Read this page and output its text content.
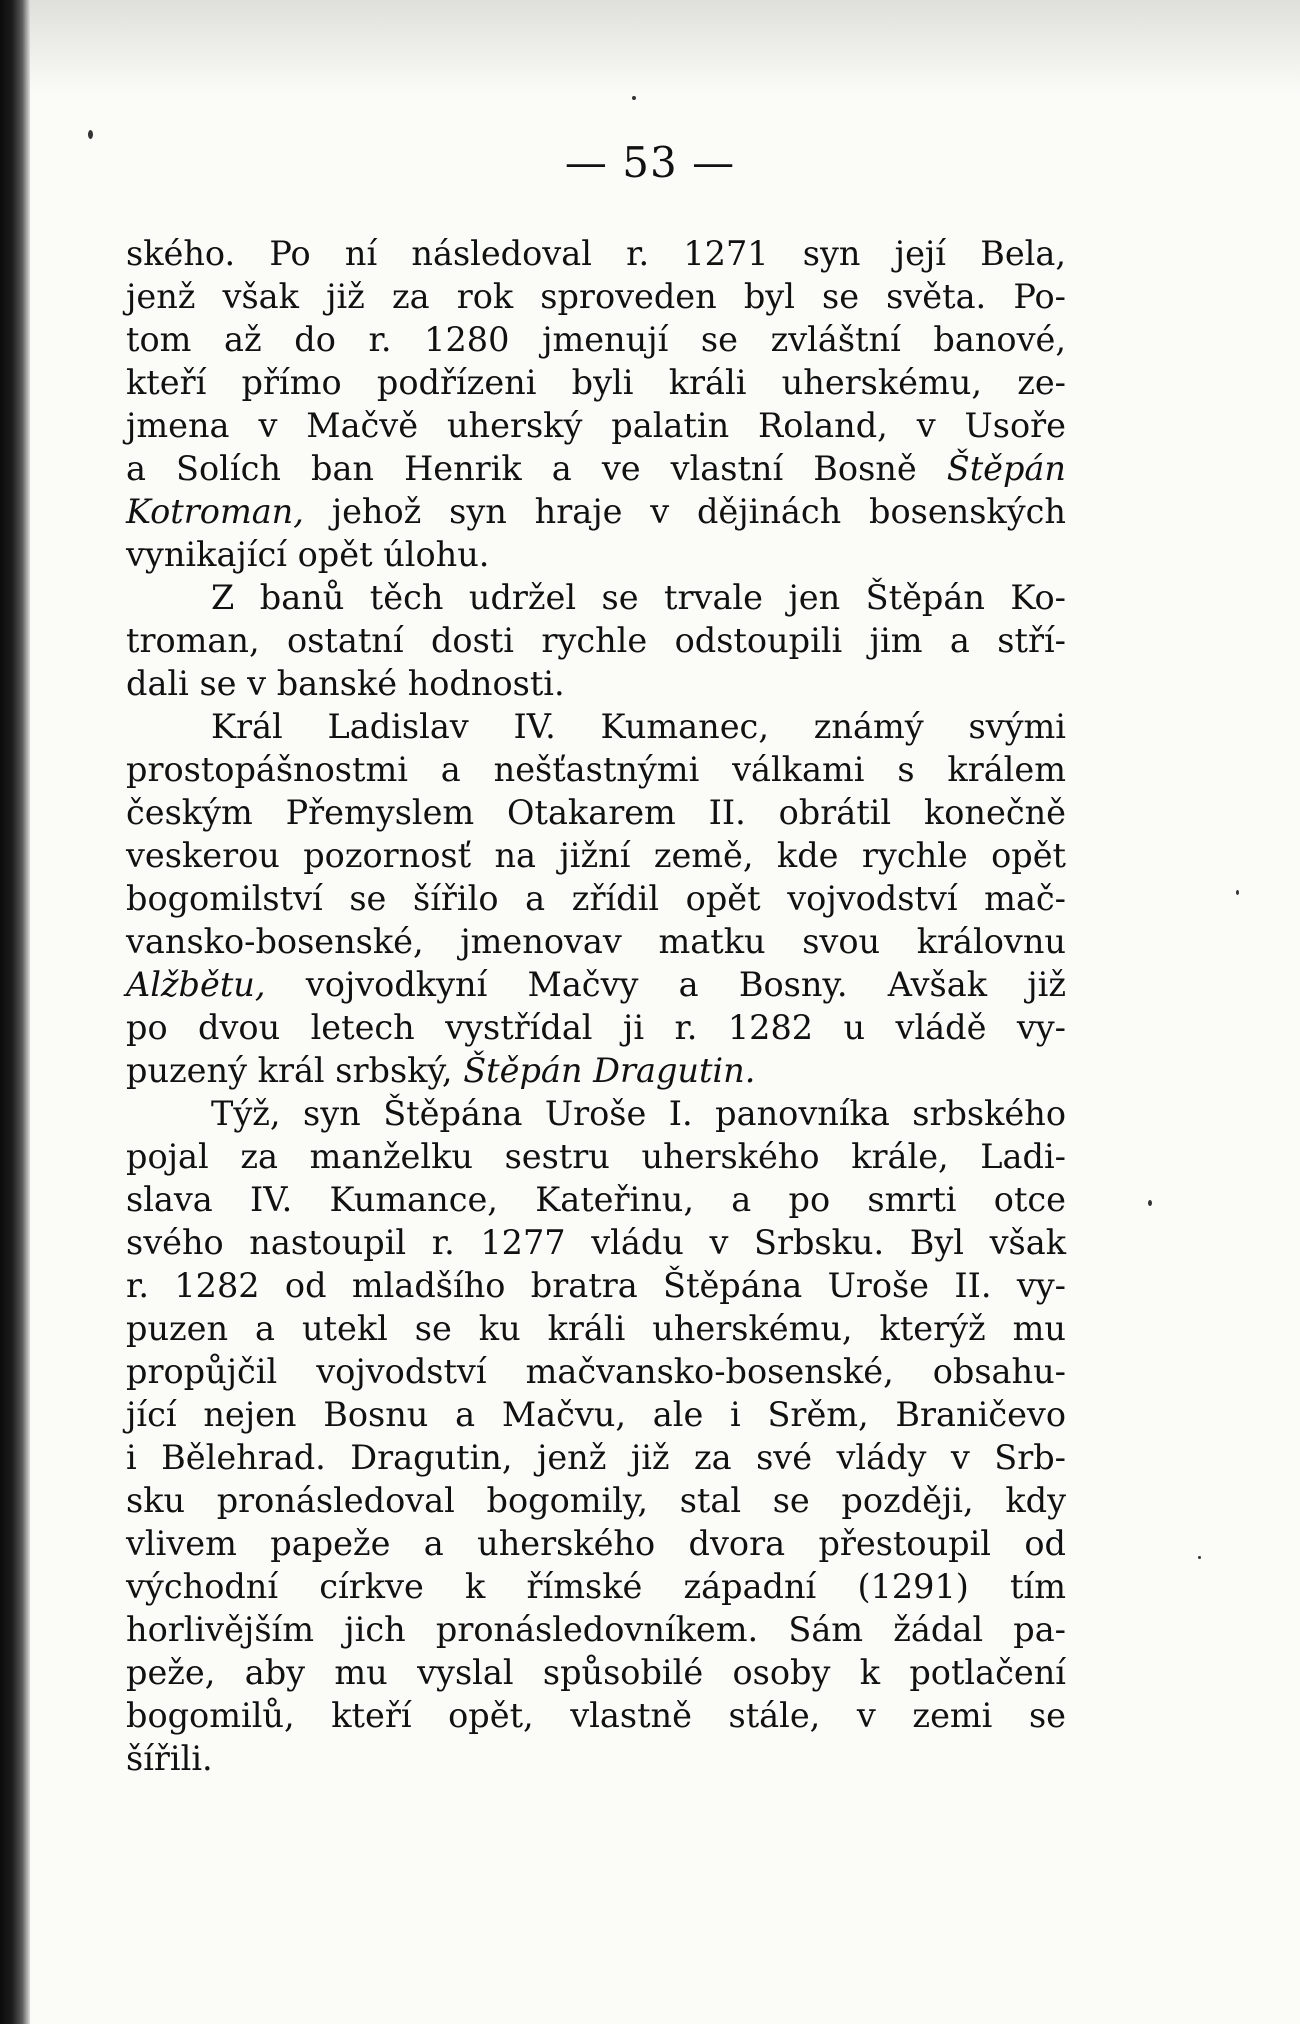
— 53 —
ského. Po ní následoval r. 1271 syn její Bela,
jenž však již za rok sproveden byl se světa. Po-
tom až do r. 1280 jmenují se zvláštní banové,
kteří přímo podřízeni byli králi uherskému, ze-
jmena v Mačvě uherský palatin Roland, v Usoře
a Solích ban Henrik a ve vlastní Bosně Štěpán
Kotroman, jehož syn hraje v dějinách bosenských
vynikající opět úlohu.
Z banů těch udržel se trvale jen Štěpán Ko-
troman, ostatní dosti rychle odstoupili jim a stří-
dali se v banské hodnosti.
Král Ladislav IV. Kumanec, známý svými
prostopášnostmi a nešťastnými válkami s králem
českým Přemyslem Otakarem II. obrátil konečně
veskerou pozornosť na jižní země, kde rychle opět
bogomilství se šířilo a zřídil opět vojvodství mač-
vansko-bosenské, jmenovav matku svou královnu
Alžbětu, vojvodkyní Mačvy a Bosny. Avšak již
po dvou letech vystřídal ji r. 1282 u vládě vy-
puzený král srbský, Štěpán Dragutin.
Týž, syn Štěpána Uroše I. panovníka srbského
pojal za manželku sestru uherského krále, Ladi-
slava IV. Kumance, Kateřinu, a po smrti otce
svého nastoupil r. 1277 vládu v Srbsku. Byl však
r. 1282 od mladšího bratra Štěpána Uroše II. vy-
puzen a utekl se ku králi uherskému, kterýž mu
propůjčil vojvodství mačvansko-bosenské, obsahu-
jící nejen Bosnu a Mačvu, ale i Srěm, Braničevo
i Bělehrad. Dragutin, jenž již za své vlády v Srb-
sku pronásledoval bogomily, stal se později, kdy
vlivem papeže a uherského dvora přestoupil od
východní církve k římské západní (1291) tím
horlivějším jich pronásledovníkem. Sám žádal pa-
peže, aby mu vyslal spůsobilé osoby k potlačení
bogomilů, kteří opět, vlastně stále, v zemi se
šířili.
